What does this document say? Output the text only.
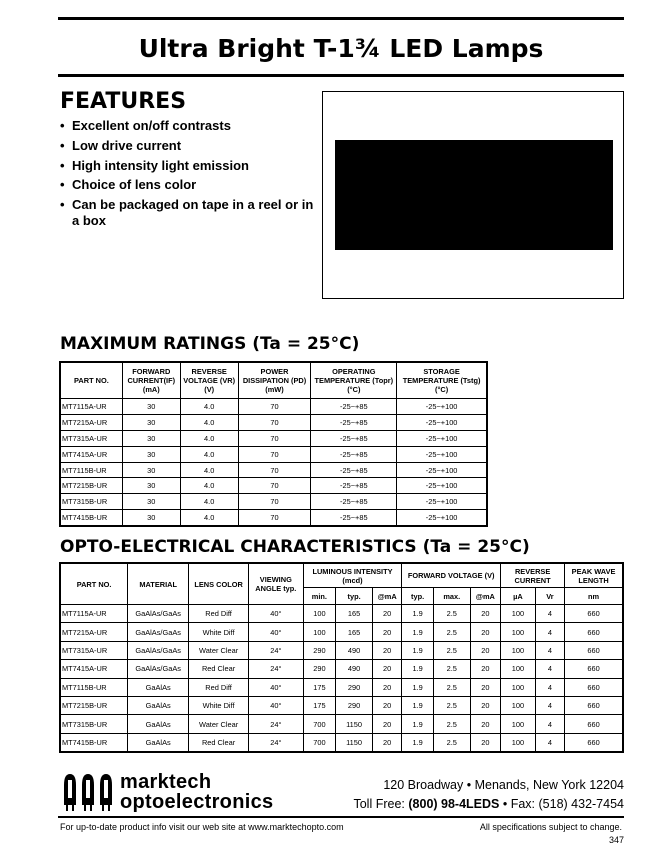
Ultra Bright T-1¾ LED Lamps
FEATURES
• Excellent on/off contrasts
• Low drive current
• High intensity light emission
• Choice of lens color
• Can be packaged on tape in a reel or in a box
MAXIMUM RATINGS (Ta = 25°C)
PART NO.	FORWARD CURRENT(IF) (mA)	REVERSE VOLTAGE (VR) (V)	POWER DISSIPATION (PD) (mW)	OPERATING TEMPERATURE (Topr) (°C)	STORAGE TEMPERATURE (Tstg) (°C)
MT7115A-UR	30	4.0	70	-25~+85	-25~+100
MT7215A-UR	30	4.0	70	-25~+85	-25~+100
MT7315A-UR	30	4.0	70	-25~+85	-25~+100
MT7415A-UR	30	4.0	70	-25~+85	-25~+100
MT7115B-UR	30	4.0	70	-25~+85	-25~+100
MT7215B-UR	30	4.0	70	-25~+85	-25~+100
MT7315B-UR	30	4.0	70	-25~+85	-25~+100
MT7415B-UR	30	4.0	70	-25~+85	-25~+100
OPTO-ELECTRICAL CHARACTERISTICS (Ta = 25°C)
PART NO.	MATERIAL	LENS COLOR	VIEWING ANGLE typ.	LUMINOUS INTENSITY (mcd)			FORWARD VOLTAGE (V)			REVERSE CURRENT		PEAK WAVE LENGTH
				min.	typ.	@mA	typ.	max.	@mA	µA	Vr	nm
MT7115A-UR	GaAlAs/GaAs	Red Diff	40°	100	165	20	1.9	2.5	20	100	4	660
MT7215A-UR	GaAlAs/GaAs	White Diff	40°	100	165	20	1.9	2.5	20	100	4	660
MT7315A-UR	GaAlAs/GaAs	Water Clear	24°	290	490	20	1.9	2.5	20	100	4	660
MT7415A-UR	GaAlAs/GaAs	Red Clear	24°	290	490	20	1.9	2.5	20	100	4	660
MT7115B-UR	GaAlAs	Red Diff	40°	175	290	20	1.9	2.5	20	100	4	660
MT7215B-UR	GaAlAs	White Diff	40°	175	290	20	1.9	2.5	20	100	4	660
MT7315B-UR	GaAlAs	Water Clear	24°	700	1150	20	1.9	2.5	20	100	4	660
MT7415B-UR	GaAlAs	Red Clear	24°	700	1150	20	1.9	2.5	20	100	4	660
marktech
optoelectronics
120 Broadway • Menands, New York 12204
Toll Free: (800) 98-4LEDS • Fax: (518) 432-7454
For up-to-date product info visit our web site at www.marktechopto.com	All specifications subject to change.
347
